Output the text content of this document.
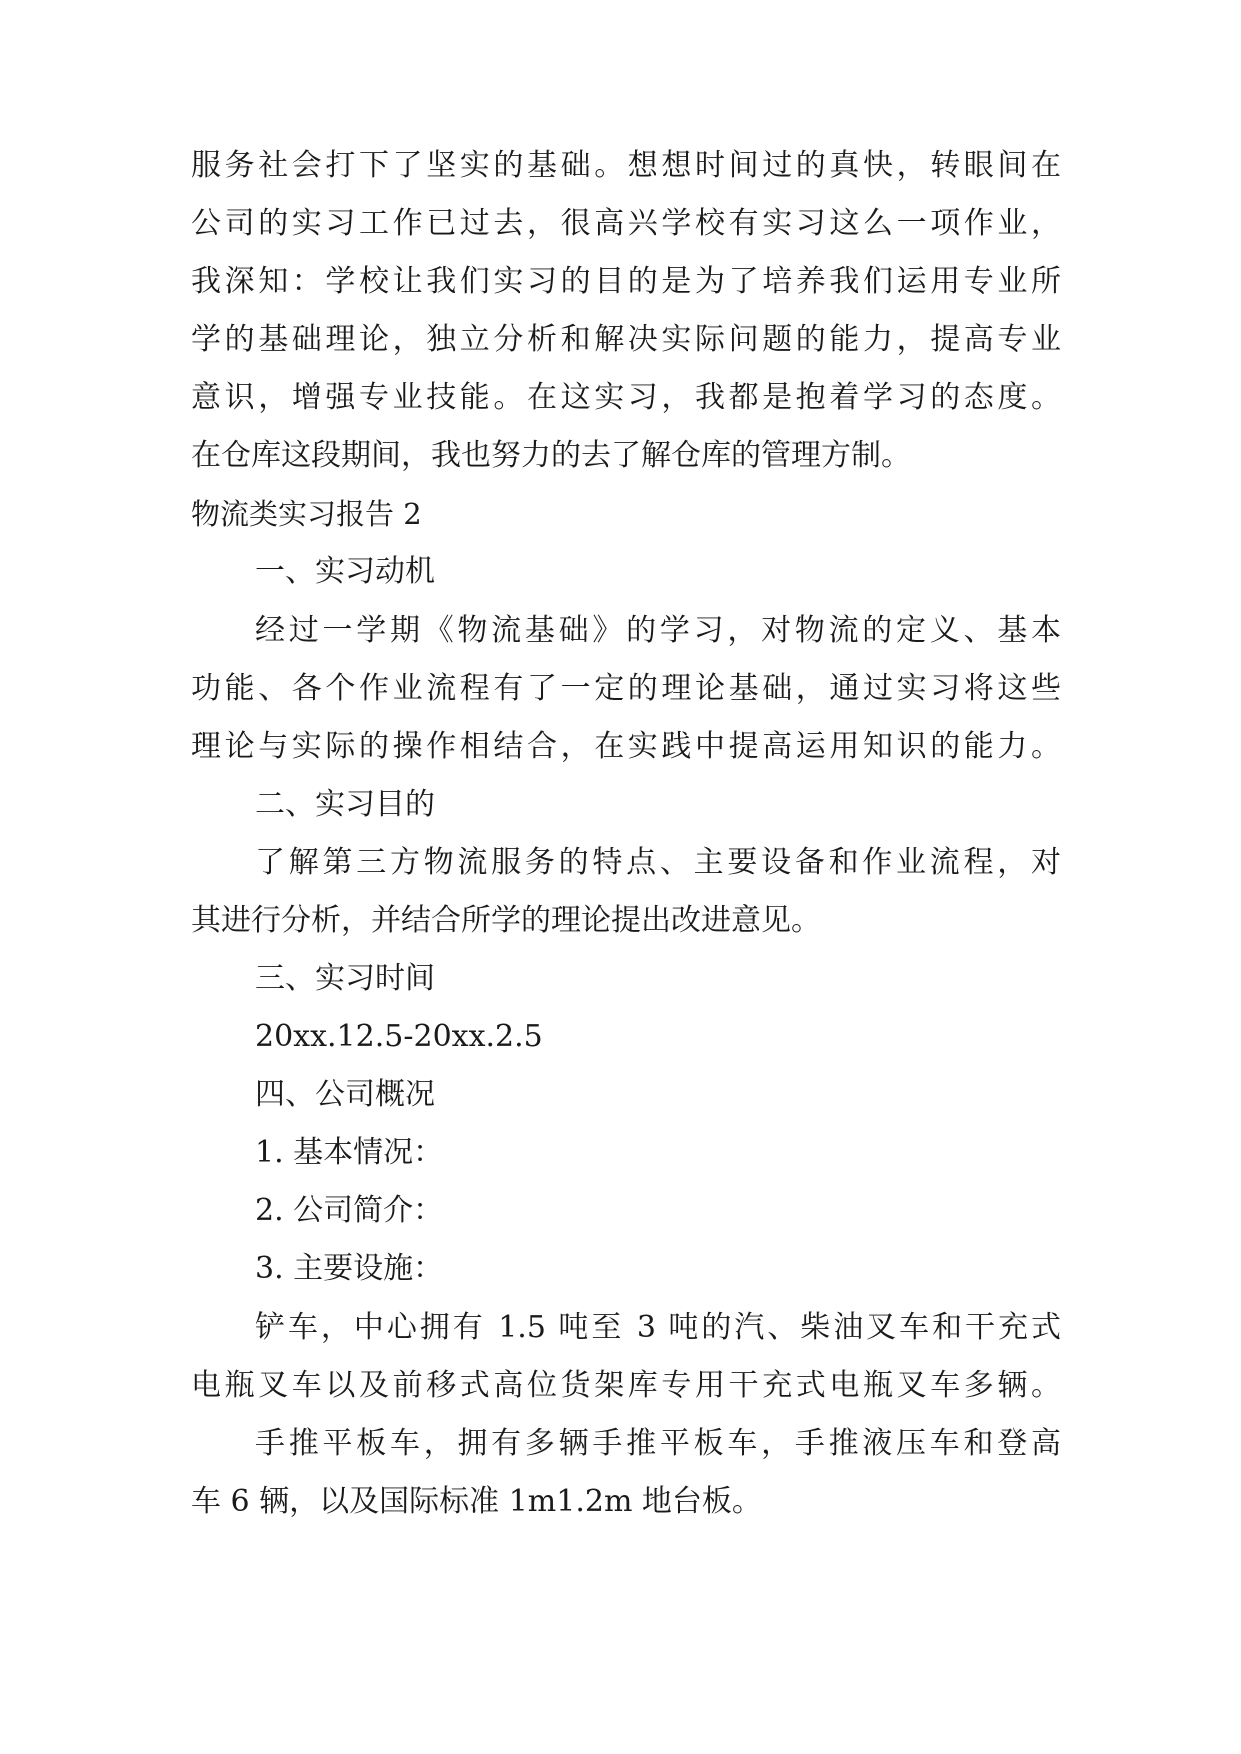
服务社会打下了坚实的基础。想想时间过的真快，转眼间在
公司的实习工作已过去，很高兴学校有实习这么一项作业，
我深知：学校让我们实习的目的是为了培养我们运用专业所
学的基础理论，独立分析和解决实际问题的能力，提高专业
意识，增强专业技能。在这实习，我都是抱着学习的态度。
在仓库这段期间，我也努力的去了解仓库的管理方制。
物流类实习报告 2
一、实习动机
经过一学期《物流基础》的学习，对物流的定义、基本
功能、各个作业流程有了一定的理论基础，通过实习将这些
理论与实际的操作相结合，在实践中提高运用知识的能力。
二、实习目的
了解第三方物流服务的特点、主要设备和作业流程，对
其进行分析，并结合所学的理论提出改进意见。
三、实习时间
20xx.12.5-20xx.2.5
四、公司概况
1. 基本情况：
2. 公司简介：
3. 主要设施：
铲车，中心拥有 1.5 吨至 3 吨的汽、柴油叉车和干充式
电瓶叉车以及前移式高位货架库专用干充式电瓶叉车多辆。
手推平板车，拥有多辆手推平板车，手推液压车和登高
车 6 辆，以及国际标准 1m1.2m 地台板。
